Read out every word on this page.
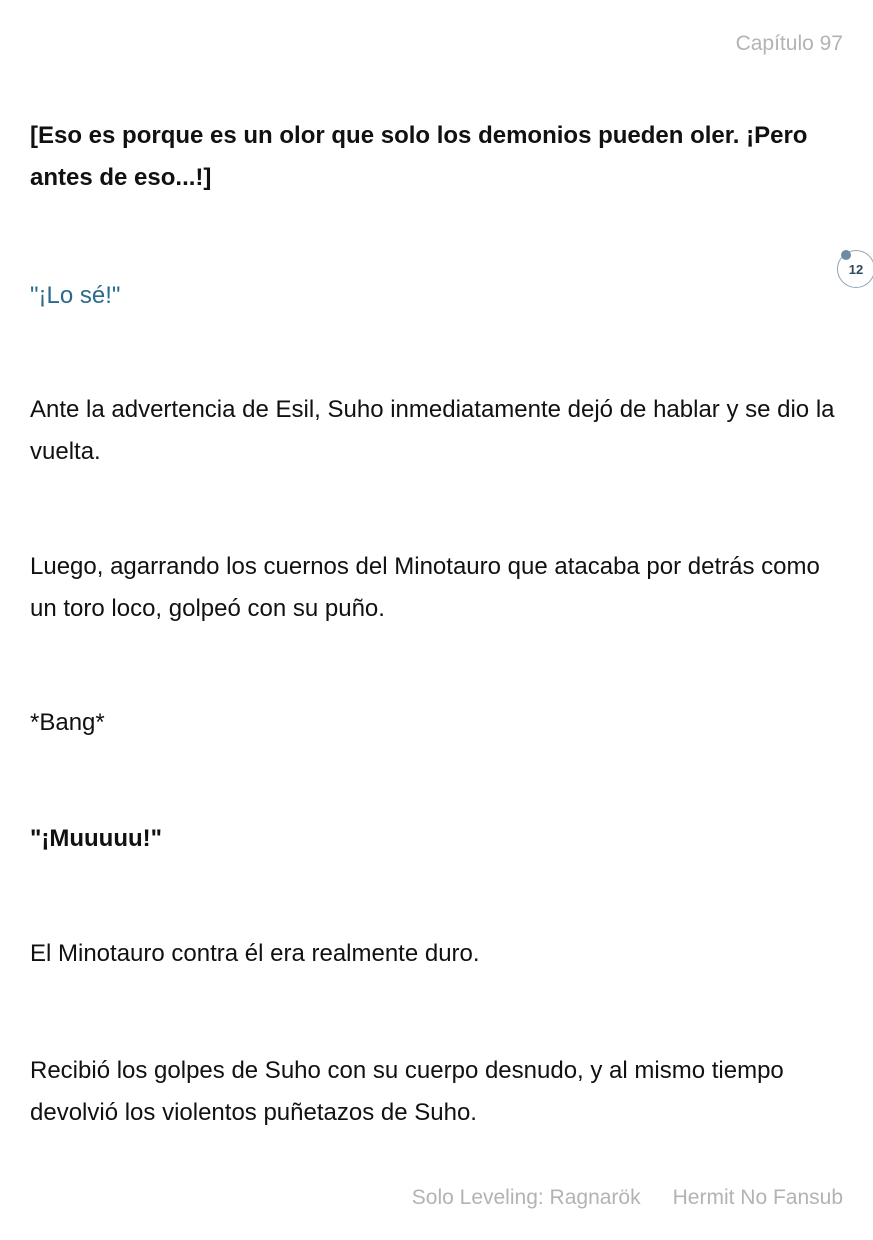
Capítulo 97

[Eso es porque es un olor que solo los demonios pueden oler. ¡Pero antes de eso...!]

"¡Lo sé!"

Ante la advertencia de Esil, Suho inmediatamente dejó de hablar y se dio la vuelta.

Luego, agarrando los cuernos del Minotauro que atacaba por detrás como un toro loco, golpeó con su puño.

*Bang*

"¡Muuuuu!"

El Minotauro contra él era realmente duro.

Recibió los golpes de Suho con su cuerpo desnudo, y al mismo tiempo devolvió los violentos puñetazos de Suho.

12
Solo Leveling: Ragnarök Hermit No Fansub
